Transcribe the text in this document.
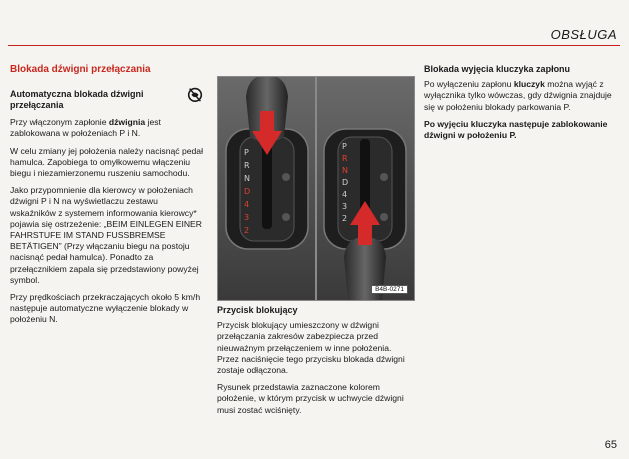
OBSŁUGA
Blokada dźwigni przełączania
Automatyczna blokada dźwigni przełączania

Przy włączonym zapłonie dźwignia jest zablokowana w położeniach P i N.

W celu zmiany jej położenia należy nacisnąć pedał hamulca. Zapobiega to omyłkowemu włączeniu biegu i niezamierzonemu ruszeniu samochodu.

Jako przypomnienie dla kierowcy w położeniach dźwigni P i N na wyświetlaczu zestawu wskaźników z systemem informowania kierowcy* pojawia się ostrzeżenie: „BEIM EINLEGEN EINER FAHRSTUFE IM STAND FUSSBREMSE BETÄTIGEN” (Przy włączaniu biegu na postoju nacisnąć pedał hamulca). Ponadto za przełącznikiem zapala się przedstawiony powyżej symbol.

Przy prędkościach przekraczających około 5 km/h następuje automatyczne wyłączenie blokady w położeniu N.

P
R
N
D
4
3
2
P
R
N
D
4
3
2
B4B-0271
Przycisk blokujący

Przycisk blokujący umieszczony w dźwigni przełączania zakresów zabezpiecza przed nieuważnym przełączeniem w inne położenia. Przez naciśnięcie tego przycisku blokada dźwigni zostaje odłączona.

Rysunek przedstawia zaznaczone kolorem położenie, w którym przycisk w uchwycie dźwigni musi zostać wciśnięty.

Blokada wyjęcia kluczyka zapłonu

Po wyłączeniu zapłonu kluczyk można wyjąć z wyłącznika tylko wówczas, gdy dźwignia znajduje się w położeniu blokady parkowania P.

Po wyjęciu kluczyka następuje zablokowanie dźwigni w położeniu P.

65
